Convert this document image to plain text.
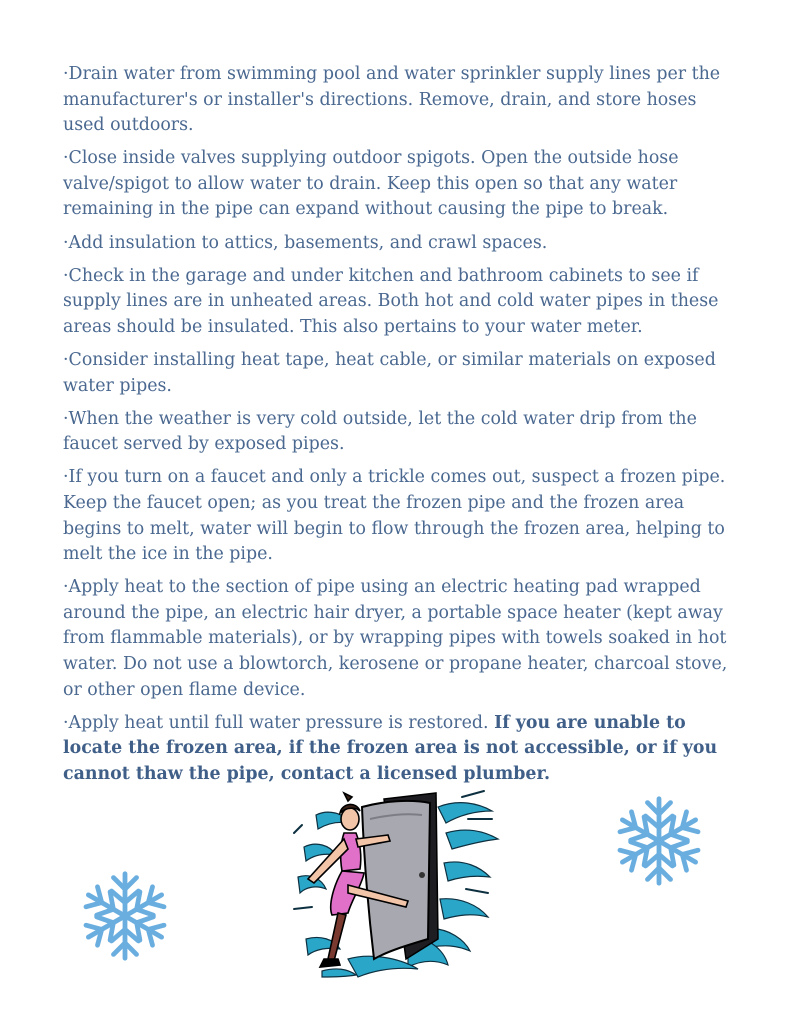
·Drain water from swimming pool and water sprinkler supply lines per the manufacturer's or installer's directions. Remove, drain, and store hoses used outdoors.

·Close inside valves supplying outdoor spigots. Open the outside hose valve/spigot to allow water to drain. Keep this open so that any water remaining in the pipe can expand without causing the pipe to break.

·Add insulation to attics, basements, and crawl spaces.

·Check in the garage and under kitchen and bathroom cabinets to see if supply lines are in unheated areas. Both hot and cold water pipes in these areas should be insulated. This also pertains to your water meter.

·Consider installing heat tape, heat cable, or similar materials on exposed water pipes.

·When the weather is very cold outside, let the cold water drip from the faucet served by exposed pipes.

·If you turn on a faucet and only a trickle comes out, suspect a frozen pipe. Keep the faucet open; as you treat the frozen pipe and the frozen area begins to melt, water will begin to flow through the frozen area, helping to melt the ice in the pipe.

·Apply heat to the section of pipe using an electric heating pad wrapped around the pipe, an electric hair dryer, a portable space heater (kept away from flammable materials), or by wrapping pipes with towels soaked in hot water. Do not use a blowtorch, kerosene or propane heater, charcoal stove, or other open flame device.

·Apply heat until full water pressure is restored. If you are unable to locate the frozen area, if the frozen area is not accessible, or if you cannot thaw the pipe, contact a licensed plumber.
